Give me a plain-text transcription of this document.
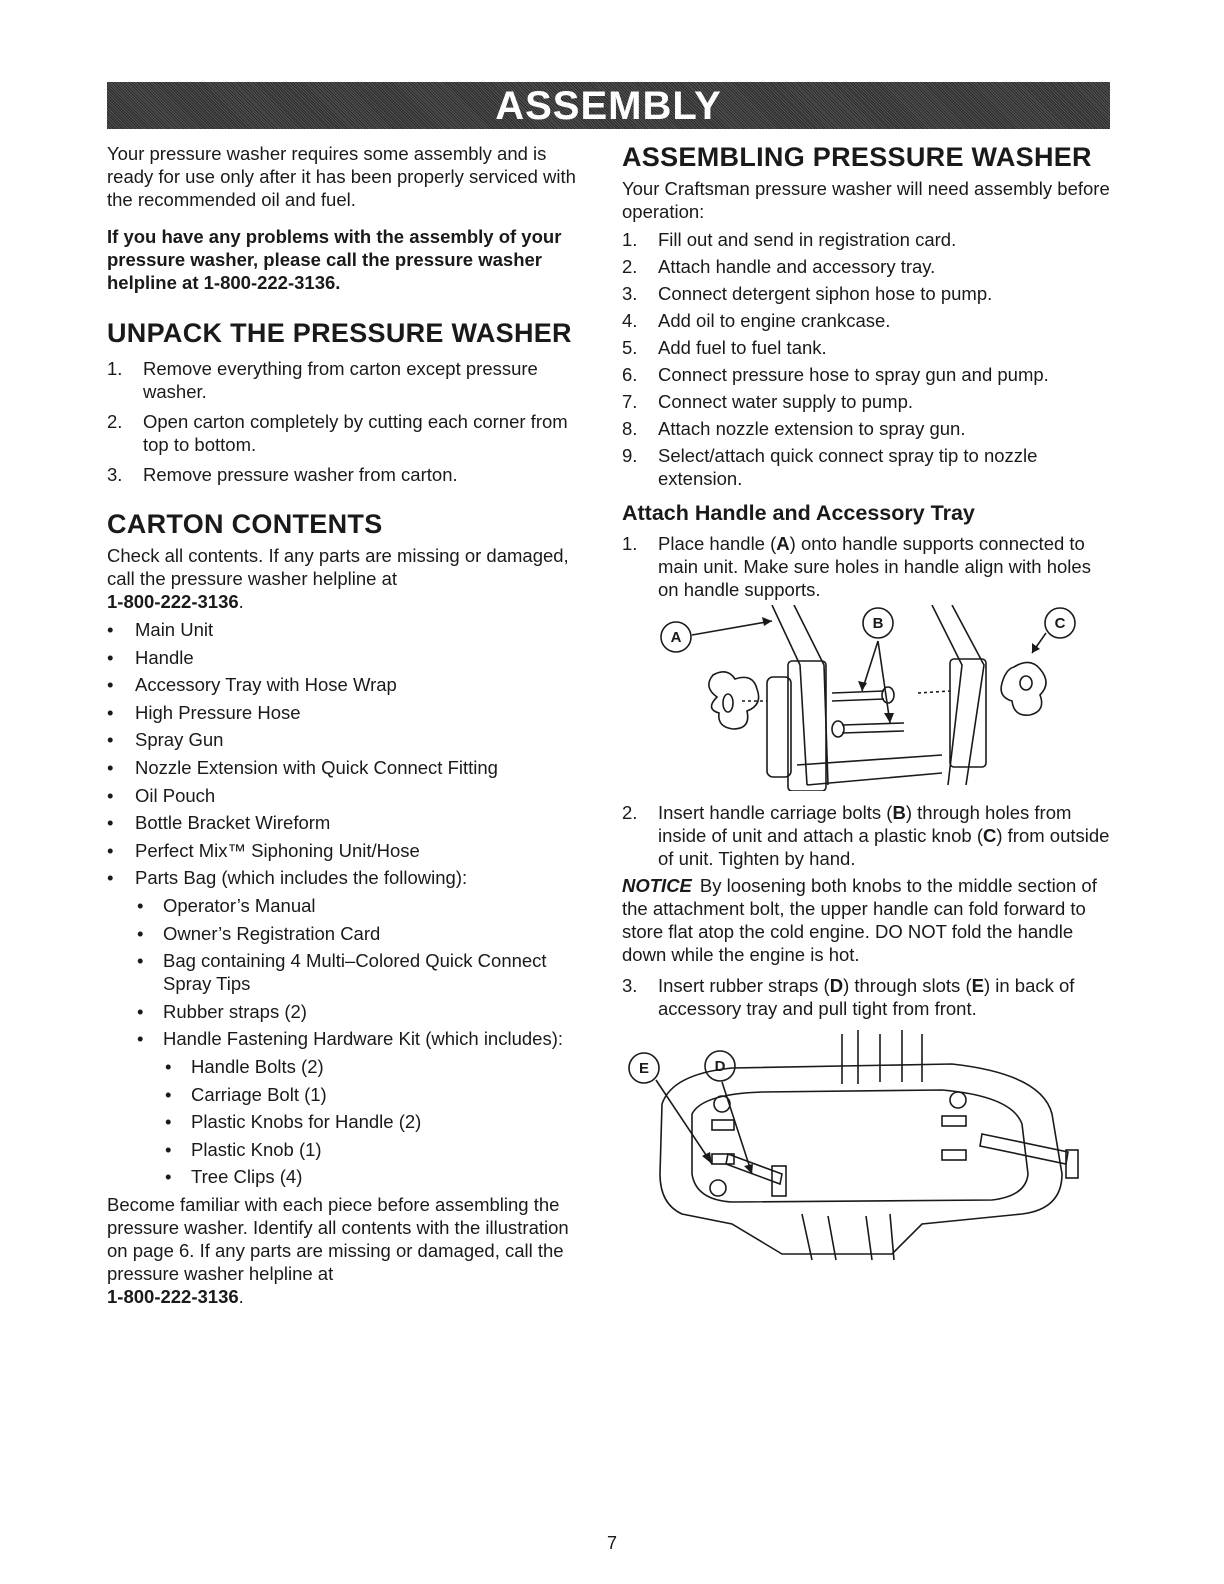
ASSEMBLY

Your pressure washer requires some assembly and is ready for use only after it has been properly serviced with the recommended oil and fuel.

If you have any problems with the assembly of your pressure washer, please call the pressure washer helpline at 1-800-222-3136.

UNPACK THE PRESSURE WASHER
1. Remove everything from carton except pressure washer.
2. Open carton completely by cutting each corner from top to bottom.
3. Remove pressure washer from carton.
CARTON CONTENTS

Check all contents. If any parts are missing or damaged, call the pressure washer helpline at
1-800-222-3136.

• Main Unit
• Handle
• Accessory Tray with Hose Wrap
• High Pressure Hose
• Spray Gun
• Nozzle Extension with Quick Connect Fitting
• Oil Pouch
• Bottle Bracket Wireform
• Perfect Mix™ Siphoning Unit/Hose
• Parts Bag (which includes the following):
• Operator’s Manual
• Owner’s Registration Card
• Bag containing 4 Multi–Colored Quick Connect Spray Tips
• Rubber straps (2)
• Handle Fastening Hardware Kit (which includes):
• Handle Bolts (2)
• Carriage Bolt (1)
• Plastic Knobs for Handle (2)
• Plastic Knob (1)
• Tree Clips (4)

Become familiar with each piece before assembling the pressure washer. Identify all contents with the illustration on page 6. If any parts are missing or damaged, call the pressure washer helpline at
1-800-222-3136.

ASSEMBLING PRESSURE WASHER

Your Craftsman pressure washer will need assembly before operation:

1. Fill out and send in registration card.
2. Attach handle and accessory tray.
3. Connect detergent siphon hose to pump.
4. Add oil to engine crankcase.
5. Add fuel to fuel tank.
6. Connect pressure hose to spray gun and pump.
7. Connect water supply to pump.
8. Attach nozzle extension to spray gun.
9. Select/attach quick connect spray tip to nozzle extension.
Attach Handle and Accessory Tray
1. Place handle (A) onto handle supports connected to main unit. Make sure holes in handle align with holes on handle supports.
A
B	C
2. Insert handle carriage bolts (B) through holes from inside of unit and attach a plastic knob (C) from outside of unit. Tighten by hand.

NOTICE By loosening both knobs to the middle section of the attachment bolt, the upper handle can fold forward to store flat atop the cold engine. DO NOT fold the handle down while the engine is hot.

3. Insert rubber straps (D) through slots (E) in back of accessory tray and pull tight from front.
E	D
7
